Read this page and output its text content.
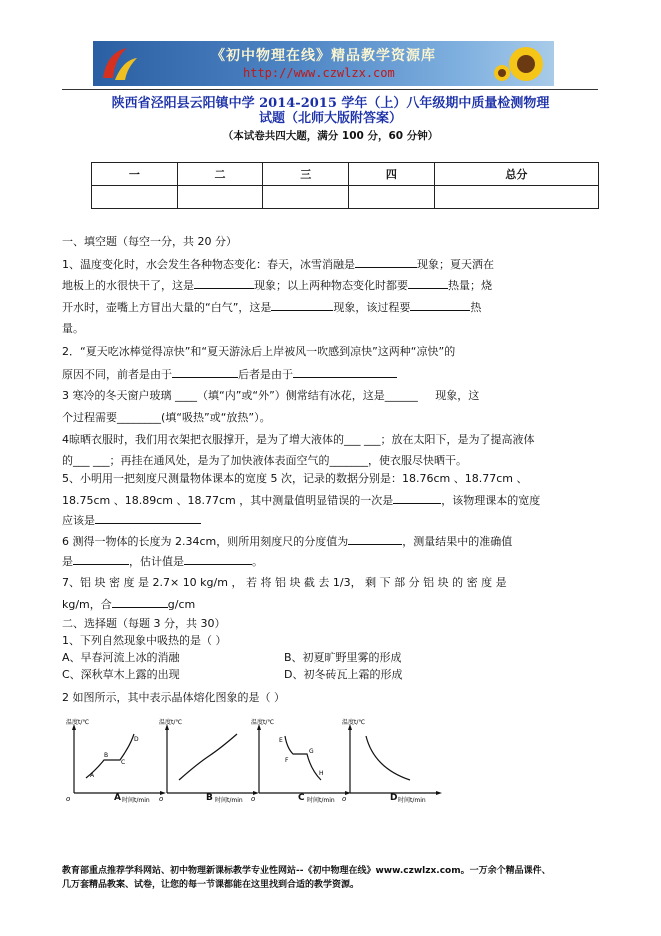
《初中物理在线》精品教学资源库
http://www.czwlzx.com
陕西省泾阳县云阳镇中学 2014-2015 学年（上）八年级期中质量检测物理
试题（北师大版附答案）
（本试卷共四大题，满分 100 分，60 分钟）
一	二	三	四	总分

一、填空题（每空一分，共 20 分）
1、温度变化时，水会发生各种物态变化：春天，冰雪消融是	现象；夏天洒在
地板上的水很快干了，这是	现象；以上两种物态变化时都要	热量；烧
开水时，壶嘴上方冒出大量的“白气”，这是	现象，该过程要	热
量。
2．“夏天吃冰棒觉得凉快”和“夏天游泳后上岸被风一吹感到凉快”这两种“凉快”的
原因不同，前者是由于	后者是由于
3 寒冷的冬天窗户玻璃 ____（填“内”或“外”）侧常结有冰花，这是______ 现象，这
个过程需要________(填“吸热”或“放热”）。
4晾晒衣服时，我们用衣架把衣服撑开，是为了增大液体的___ ___；放在太阳下，是为了提高液体
的___ ___；再挂在通风处，是为了加快液体表面空气的_______，使衣服尽快晒干。
5、小明用一把刻度尺测量物体课本的宽度 5 次，记录的数据分别是：18.76cm 、18.77cm 、
18.75cm 、18.89cm 、18.77cm ，其中测量值明显错误的一次是	，该物理课本的宽度
应该是
6 测得一物体的长度为 2.34cm，则所用刻度尺的分度值为	，测量结果中的准确值
是	，估计值是	。
7、铝 块 密 度 是 2.7× 10 kg/m ， 若 将 铝 块 截 去 1/3， 剩 下 部 分 铝 块 的 密 度 是
kg/m，合	g/cm
二、选择题（每题 3 分，共 30）
1、下列自然现象中吸热的是（ ）
A、早春河流上冰的消融	B、初夏旷野里雾的形成
C、深秋草木上露的出现	D、初冬砖瓦上霜的形成
2 如图所示，其中表示晶体熔化图象的是（ ）
温度t/℃
时间t/min
o
A
B
C
D
A
温度t/℃
时间t/min
o	B
温度t/℃
时间t/min
o
E
F
G
H
C
温度t/℃
时间t/min
o	D
教育部重点推荐学科网站、初中物理新课标教学专业性网站--《初中物理在线》www.czwlzx.com。一万余个精品课件、
几万套精品教案、试卷，让您的每一节课都能在这里找到合适的教学资源。
